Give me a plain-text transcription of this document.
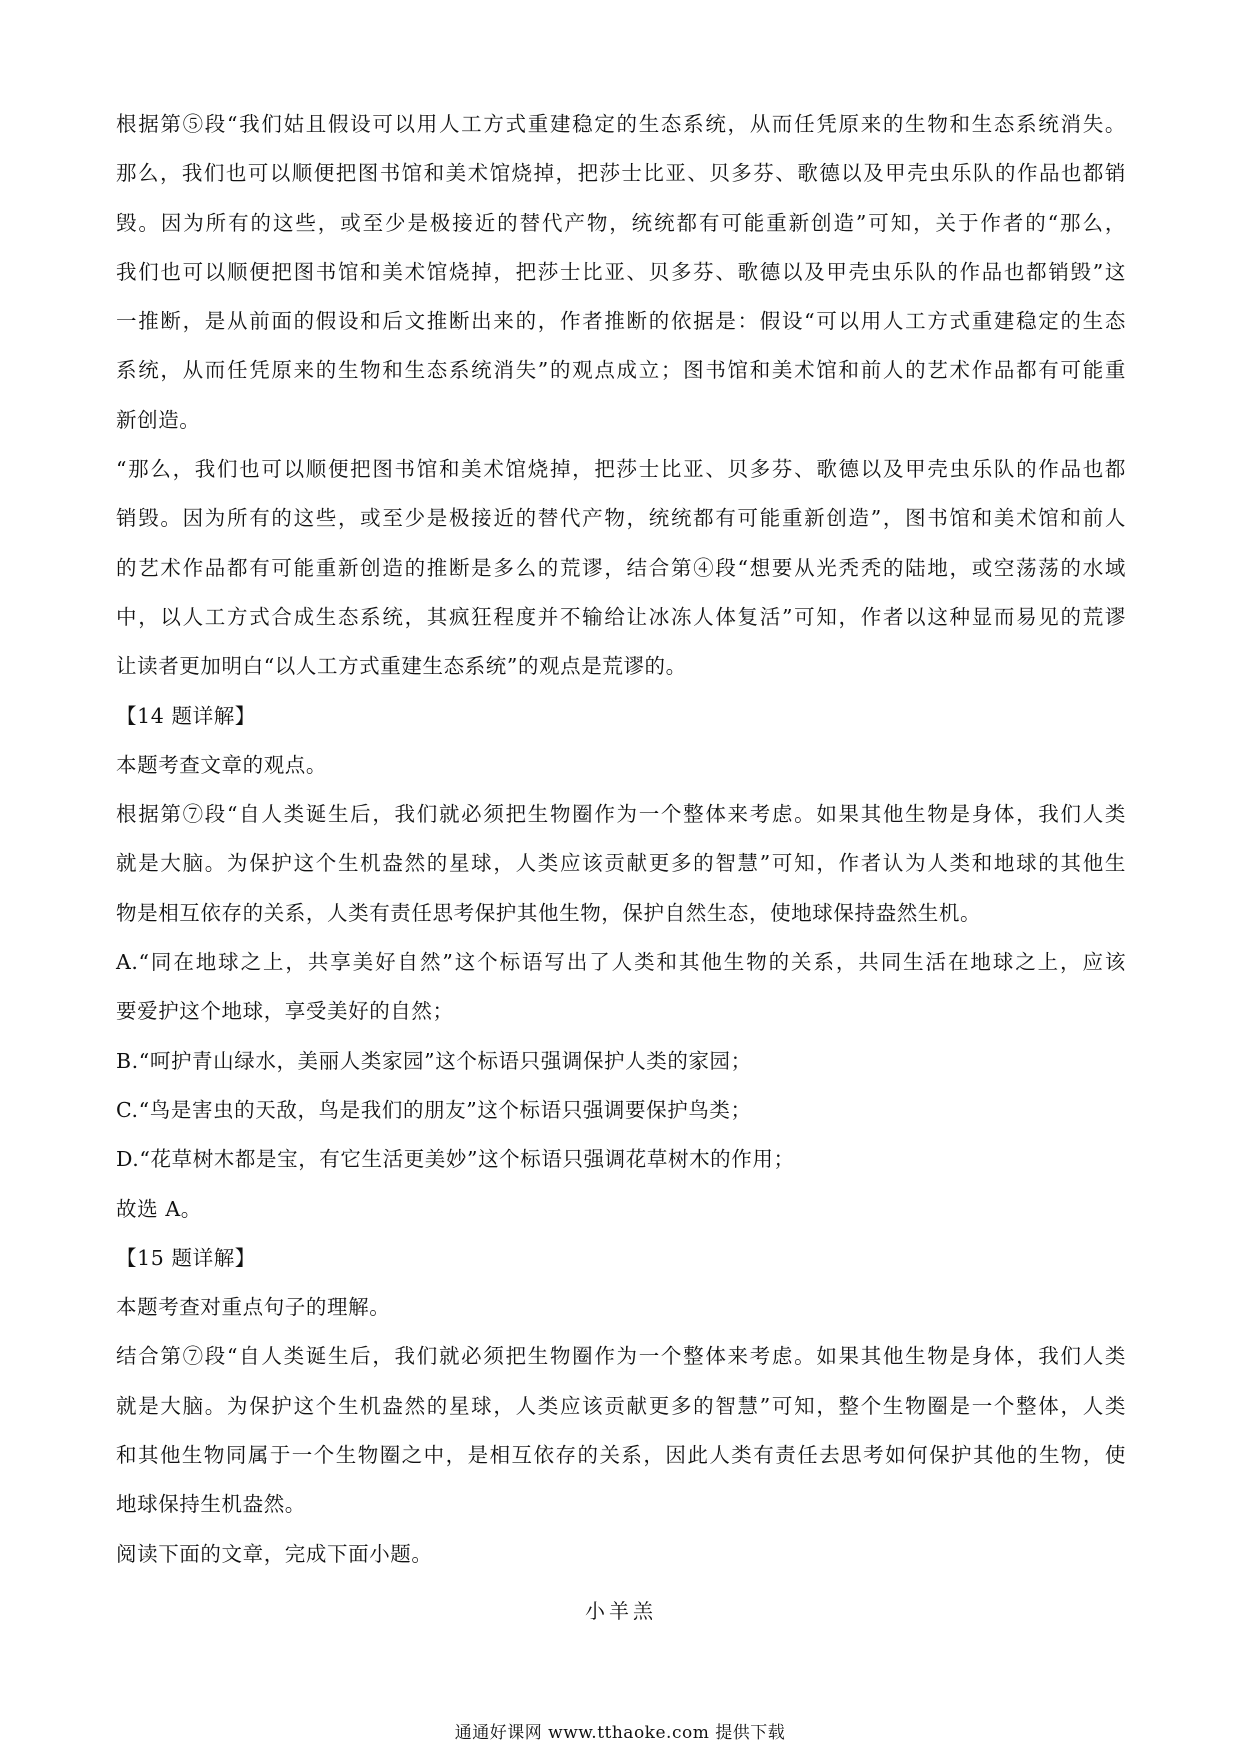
根据第⑤段“我们姑且假设可以用人工方式重建稳定的生态系统，从而任凭原来的生物和生态系统消失。
那么，我们也可以顺便把图书馆和美术馆烧掉，把莎士比亚、贝多芬、歌德以及甲壳虫乐队的作品也都销
毁。因为所有的这些，或至少是极接近的替代产物，统统都有可能重新创造”可知，关于作者的“那么，
我们也可以顺便把图书馆和美术馆烧掉，把莎士比亚、贝多芬、歌德以及甲壳虫乐队的作品也都销毁”这
一推断，是从前面的假设和后文推断出来的，作者推断的依据是：假设“可以用人工方式重建稳定的生态
系统，从而任凭原来的生物和生态系统消失”的观点成立；图书馆和美术馆和前人的艺术作品都有可能重
新创造。
“那么，我们也可以顺便把图书馆和美术馆烧掉，把莎士比亚、贝多芬、歌德以及甲壳虫乐队的作品也都
销毁。因为所有的这些，或至少是极接近的替代产物，统统都有可能重新创造”，图书馆和美术馆和前人
的艺术作品都有可能重新创造的推断是多么的荒谬，结合第④段“想要从光秃秃的陆地，或空荡荡的水域
中，以人工方式合成生态系统，其疯狂程度并不输给让冰冻人体复活”可知，作者以这种显而易见的荒谬
让读者更加明白“以人工方式重建生态系统”的观点是荒谬的。
【14 题详解】
本题考查文章的观点。
根据第⑦段“自人类诞生后，我们就必须把生物圈作为一个整体来考虑。如果其他生物是身体，我们人类
就是大脑。为保护这个生机盎然的星球，人类应该贡献更多的智慧”可知，作者认为人类和地球的其他生
物是相互依存的关系，人类有责任思考保护其他生物，保护自然生态，使地球保持盎然生机。
A.“同在地球之上，共享美好自然”这个标语写出了人类和其他生物的关系，共同生活在地球之上，应该
要爱护这个地球，享受美好的自然；
B.“呵护青山绿水，美丽人类家园”这个标语只强调保护人类的家园；
C.“鸟是害虫的天敌，鸟是我们的朋友”这个标语只强调要保护鸟类；
D.“花草树木都是宝，有它生活更美妙”这个标语只强调花草树木的作用；
故选 A。
【15 题详解】
本题考查对重点句子的理解。
结合第⑦段“自人类诞生后，我们就必须把生物圈作为一个整体来考虑。如果其他生物是身体，我们人类
就是大脑。为保护这个生机盎然的星球，人类应该贡献更多的智慧”可知，整个生物圈是一个整体，人类
和其他生物同属于一个生物圈之中，是相互依存的关系，因此人类有责任去思考如何保护其他的生物，使
地球保持生机盎然。
阅读下面的文章，完成下面小题。
小羊羔
通通好课网 www.tthaoke.com 提供下载
